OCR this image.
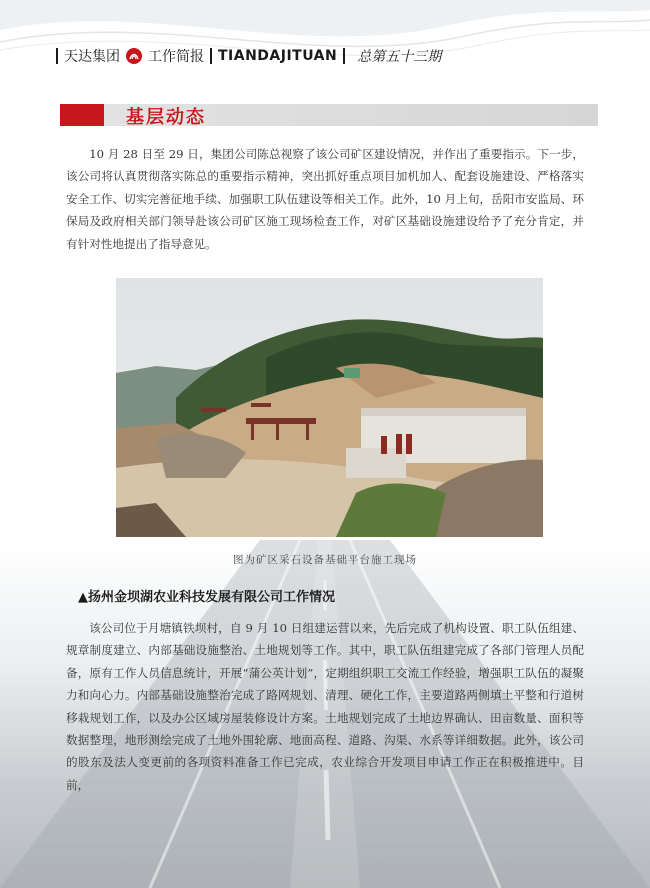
天达集团 工作简报 TIANDAJITUAN 总第五十三期
基层动态
10 月 28 日至 29 日，集团公司陈总视察了该公司矿区建设情况，并作出了重要指示。下一步，该公司将认真贯彻落实陈总的重要指示精神，突出抓好重点项目加机加人、配套设施建设、严格落实安全工作、切实完善征地手续、加强职工队伍建设等相关工作。此外，10 月上旬，岳阳市安监局、环保局及政府相关部门领导赴该公司矿区施工现场检查工作，对矿区基础设施建设给予了充分肯定，并有针对性地提出了指导意见。
图为矿区采石设备基础平台施工现场
▲扬州金坝湖农业科技发展有限公司工作情况
该公司位于月塘镇铁坝村，自 9 月 10 日组建运营以来，先后完成了机构设置、职工队伍组建、规章制度建立、内部基础设施整治、土地规划等工作。其中，职工队伍组建完成了各部门管理人员配备，原有工作人员信息统计，开展“蒲公英计划”，定期组织职工交流工作经验，增强职工队伍的凝聚力和向心力。内部基础设施整治完成了路网规划、清理、硬化工作，主要道路两侧填土平整和行道树移栽规划工作，以及办公区域房屋装修设计方案。土地规划完成了土地边界确认、田亩数量、面积等数据整理，地形测绘完成了土地外围轮廓、地面高程、道路、沟渠、水系等详细数据。此外，该公司的股东及法人变更前的各项资料准备工作已完成，农业综合开发项目申请工作正在积极推进中。目前，
